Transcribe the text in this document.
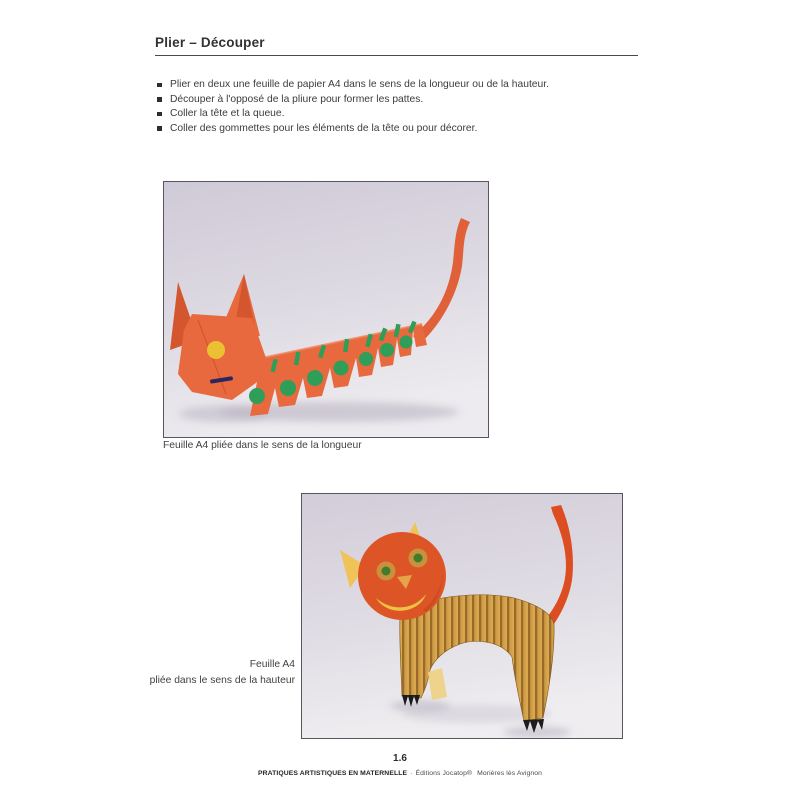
Plier – Découper
Plier en deux une feuille de papier A4 dans le sens de la longueur ou de la hauteur.
Découper à l'opposé de la pliure pour former les pattes.
Coller la tête et la queue.
Coller des gommettes pour les éléments de la tête ou pour décorer.
Feuille A4 pliée dans le sens de la longueur
Feuille A4
pliée dans le sens de la hauteur
1.6
PRATIQUES ARTISTIQUES EN MATERNELLE · Éditions Jocatop® Morières lès Avignon
